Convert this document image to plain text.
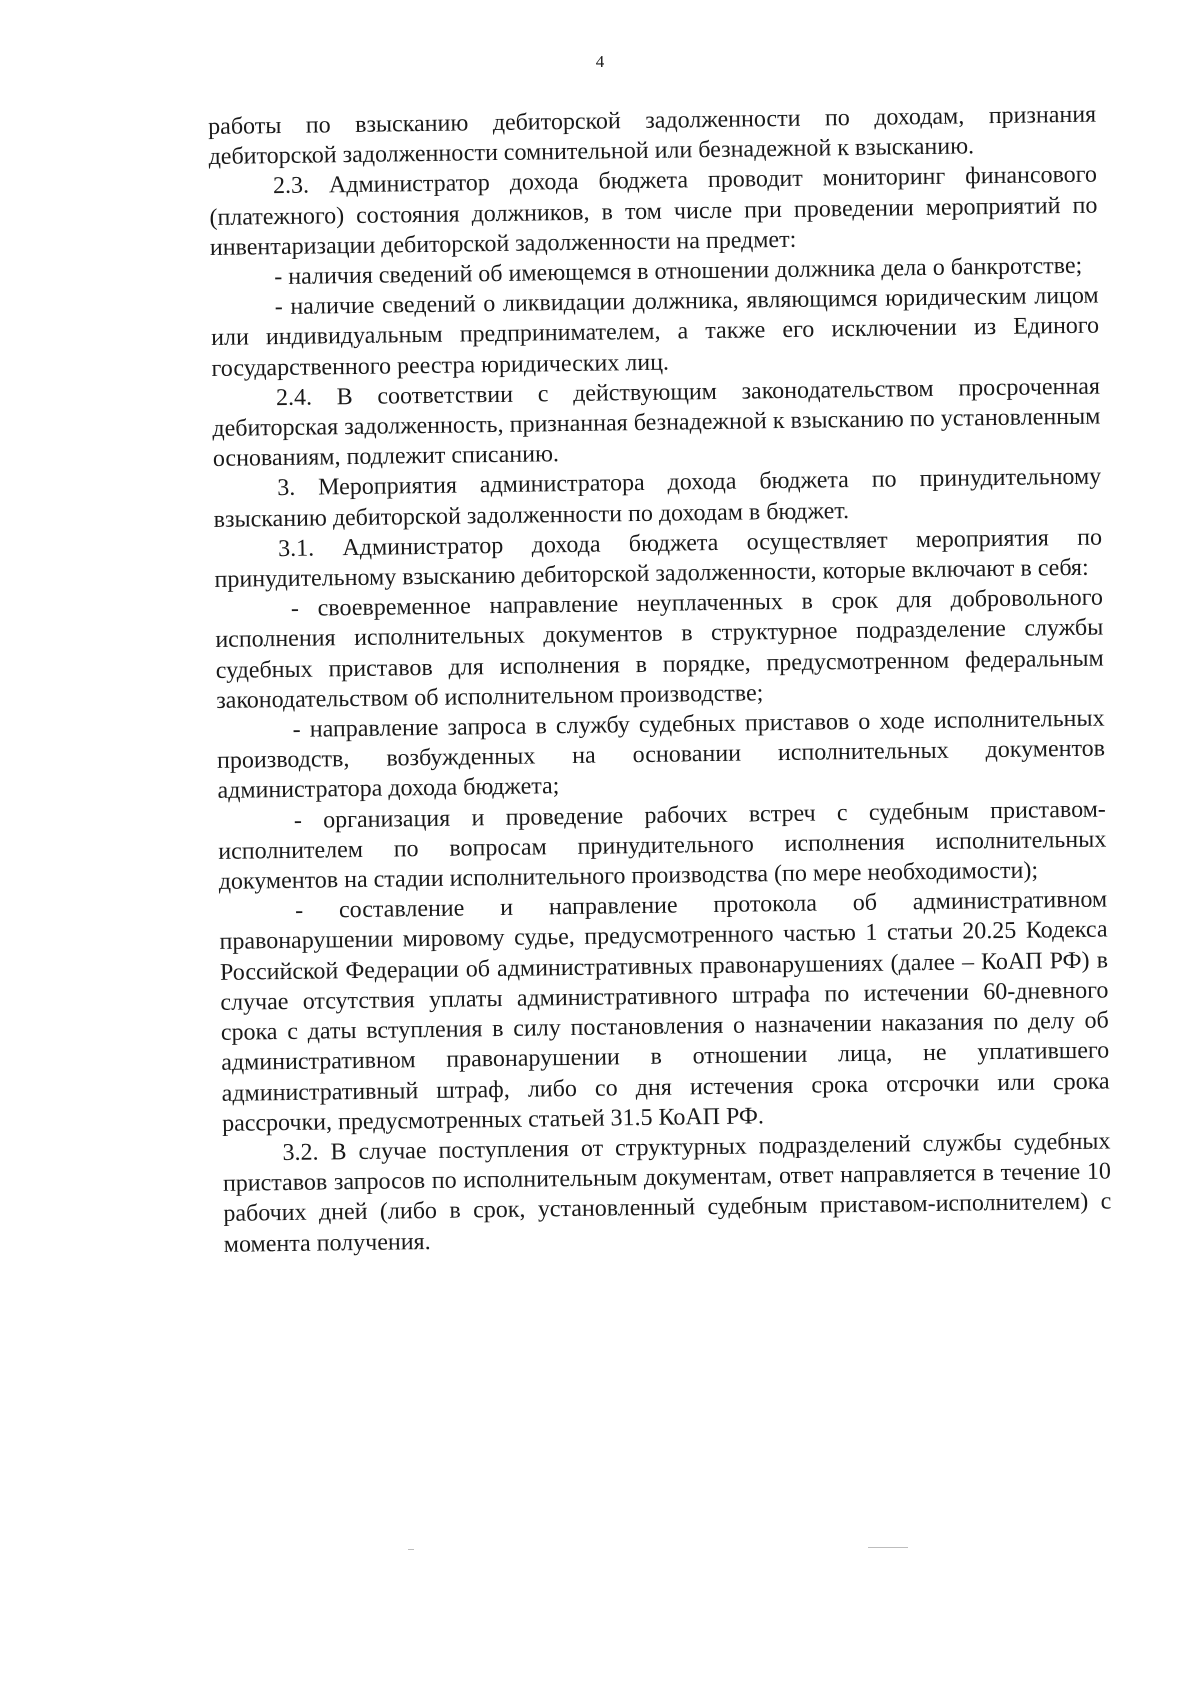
4

работы по взысканию дебиторской задолженности по доходам, признания дебиторской задолженности сомнительной или безнадежной к взысканию.

2.3. Администратор дохода бюджета проводит мониторинг финансового (платежного) состояния должников, в том числе при проведении мероприятий по инвентаризации дебиторской задолженности на предмет:

- наличия сведений об имеющемся в отношении должника дела о банкротстве;

- наличие сведений о ликвидации должника, являющимся юридическим лицом или индивидуальным предпринимателем, а также его исключении из Единого государственного реестра юридических лиц.

2.4. В соответствии с действующим законодательством просроченная дебиторская задолженность, признанная безнадежной к взысканию по установленным основаниям, подлежит списанию.

3. Мероприятия администратора дохода бюджета по принудительному взысканию дебиторской задолженности по доходам в бюджет.

3.1. Администратор дохода бюджета осуществляет мероприятия по принудительному взысканию дебиторской задолженности, которые включают в себя:

- своевременное направление неуплаченных в срок для добровольного исполнения исполнительных документов в структурное подразделение службы судебных приставов для исполнения в порядке, предусмотренном федеральным законодательством об исполнительном производстве;

- направление запроса в службу судебных приставов о ходе исполнительных производств, возбужденных на основании исполнительных документов администратора дохода бюджета;

- организация и проведение рабочих встреч с судебным приставом-исполнителем по вопросам принудительного исполнения исполнительных документов на стадии исполнительного производства (по мере необходимости);

- составление и направление протокола об административном правонарушении мировому судье, предусмотренного частью 1 статьи 20.25 Кодекса Российской Федерации об административных правонарушениях (далее – КоАП РФ) в случае отсутствия уплаты административного штрафа по истечении 60-дневного срока с даты вступления в силу постановления о назначении наказания по делу об административном правонарушении в отношении лица, не уплатившего административный штраф, либо со дня истечения срока отсрочки или срока рассрочки, предусмотренных статьей 31.5 КоАП РФ.

3.2. В случае поступления от структурных подразделений службы судебных приставов запросов по исполнительным документам, ответ направляется в течение 10 рабочих дней (либо в срок, установленный судебным приставом-исполнителем) с момента получения.
